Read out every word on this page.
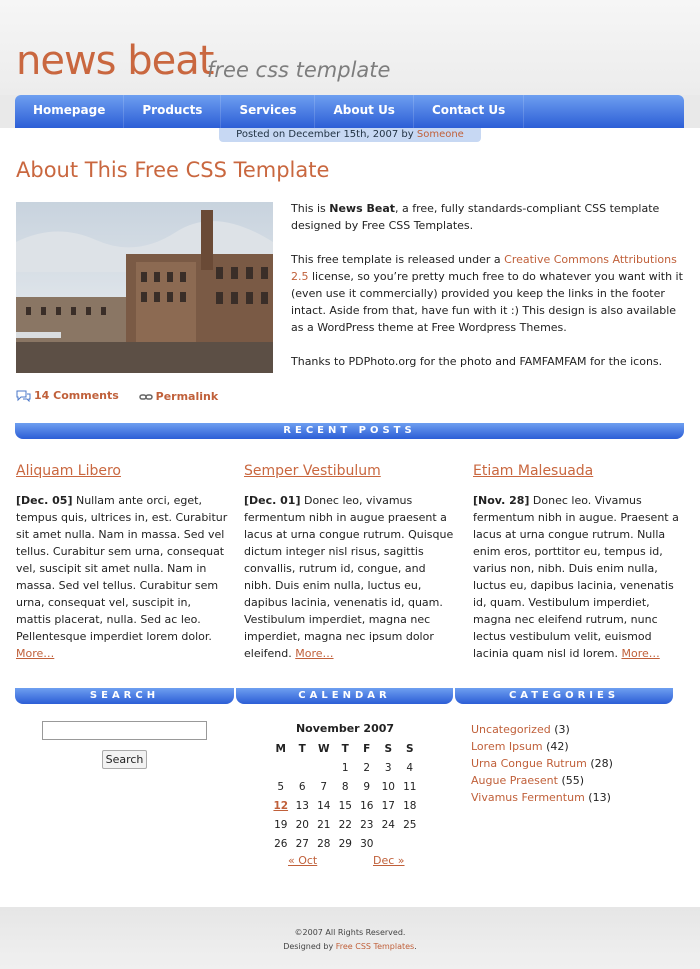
news beat
free css template
Homepage	Products	Services	About Us	Contact Us
Posted on December 15th, 2007 by Someone
About This Free CSS Template

This is News Beat, a free, fully standards-compliant CSS template designed by Free CSS Templates.

This free template is released under a Creative Commons Attributions 2.5 license, so you’re pretty much free to do whatever you want with it (even use it commercially) provided you keep the links in the footer intact. Aside from that, have fun with it :) This design is also available as a WordPress theme at Free Wordpress Themes.

Thanks to PDPhoto.org for the photo and FAMFAMFAM for the icons.

14 Comments
	Permalink
RECENT POSTS
Aliquam Libero

[Dec. 05] Nullam ante orci, eget, tempus quis, ultrices in, est. Curabitur sit amet nulla. Nam in massa. Sed vel tellus. Curabitur sem urna, consequat vel, suscipit sit amet nulla. Nam in massa. Sed vel tellus. Curabitur sem urna, consequat vel, suscipit in, mattis placerat, nulla. Sed ac leo. Pellentesque imperdiet lorem dolor. More…

Semper Vestibulum

[Dec. 01] Donec leo, vivamus fermentum nibh in augue praesent a lacus at urna congue rutrum. Quisque dictum integer nisl risus, sagittis convallis, rutrum id, congue, and nibh. Duis enim nulla, luctus eu, dapibus lacinia, venenatis id, quam. Vestibulum imperdiet, magna nec imperdiet, magna nec ipsum dolor eleifend. More…

Etiam Malesuada

[Nov. 28] Donec leo. Vivamus fermentum nibh in augue. Praesent a lacus at urna congue rutrum. Nulla enim eros, porttitor eu, tempus id, varius non, nibh. Duis enim nulla, luctus eu, dapibus lacinia, venenatis id, quam. Vestibulum imperdiet, magna nec eleifend rutrum, nunc lectus vestibulum velit, euismod lacinia quam nisl id lorem. More…

SEARCH	CALENDAR	CATEGORIES
Search
November 2007
M	T	W	T	F	S	S
			1	2	3	4
5	6	7	8	9	10	11
12	13	14	15	16	17	18
19	20	21	22	23	24	25
26	27	28	29	30		
« Oct	Dec »
Uncategorized (3)
Lorem Ipsum (42)
Urna Congue Rutrum (28)
Augue Praesent (55)
Vivamus Fermentum (13)
©2007 All Rights Reserved.
Designed by Free CSS Templates.
